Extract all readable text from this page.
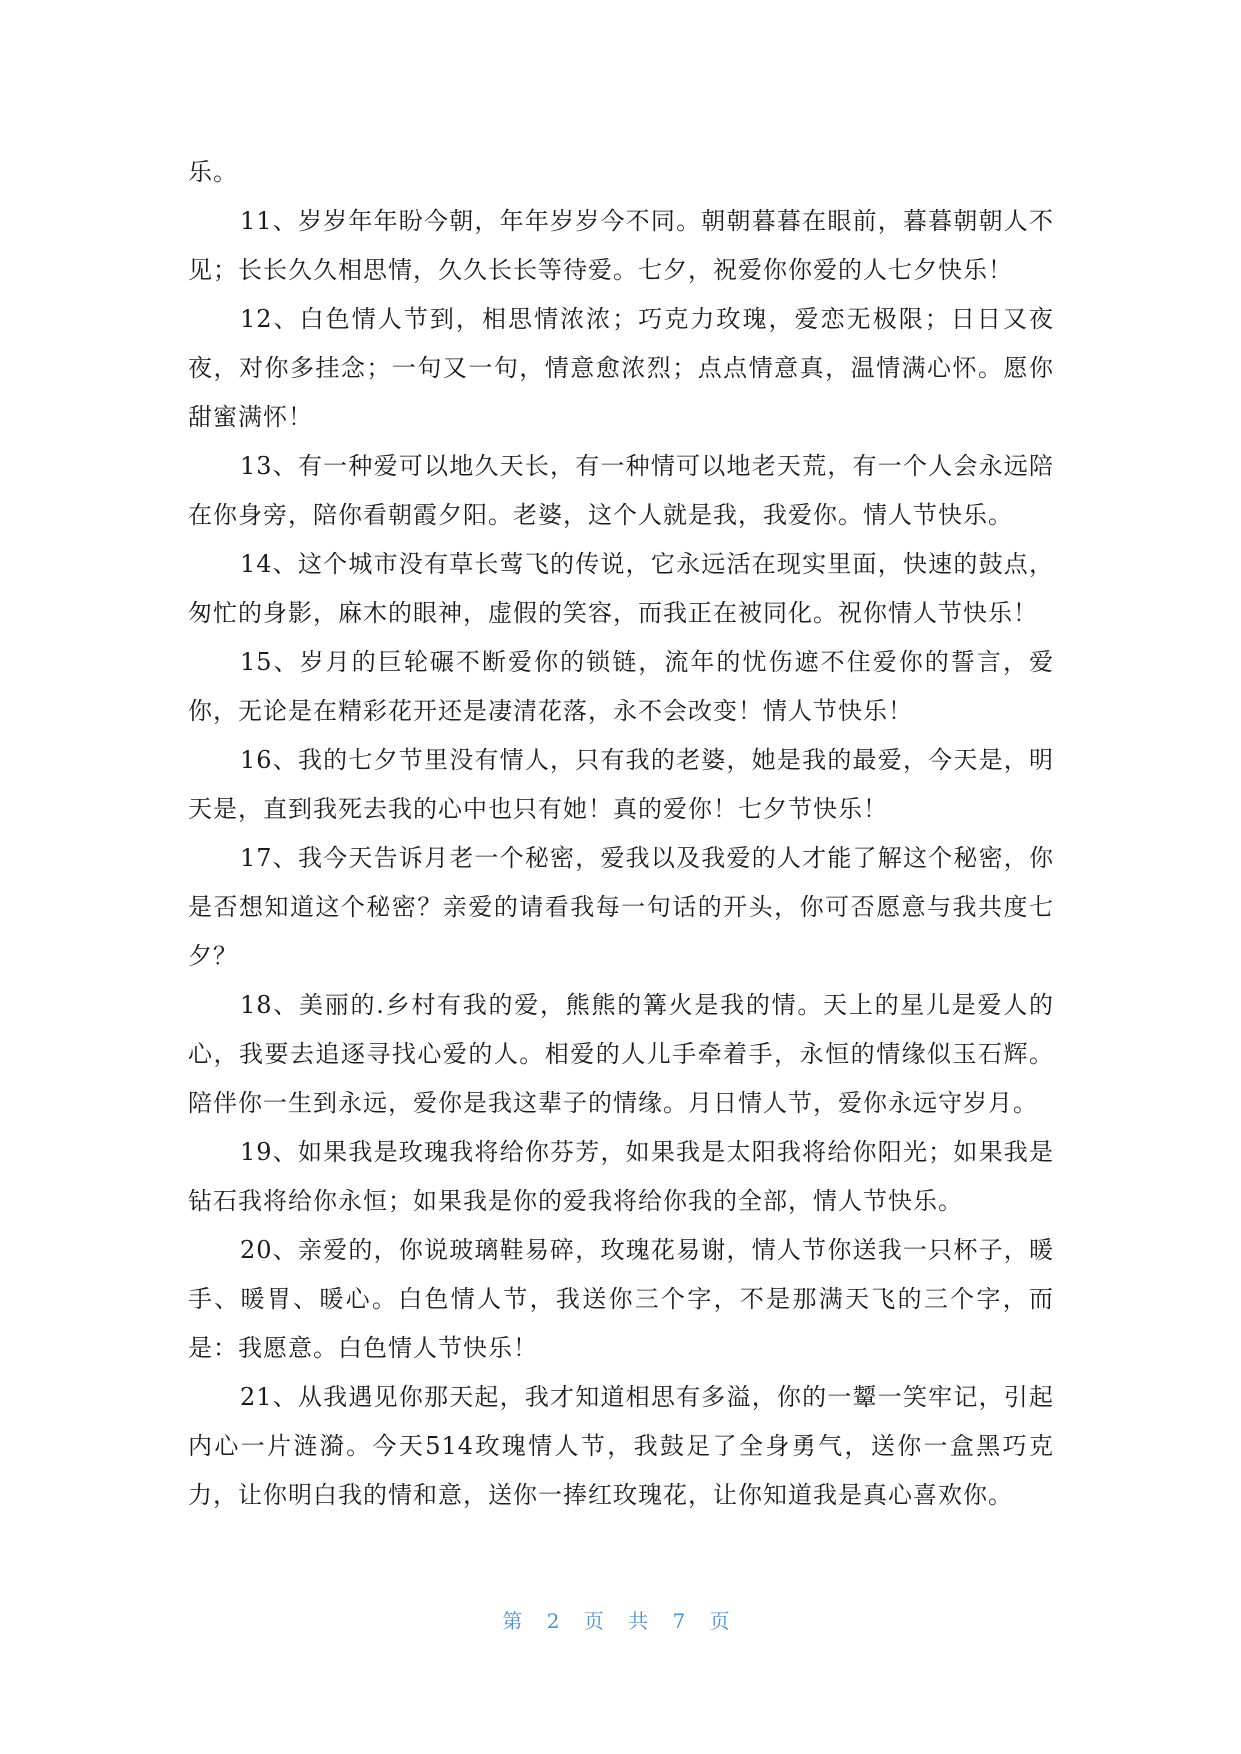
乐。

11、岁岁年年盼今朝，年年岁岁今不同。朝朝暮暮在眼前，暮暮朝朝人不见；长长久久相思情，久久长长等待爱。七夕，祝爱你你爱的人七夕快乐！

12、白色情人节到，相思情浓浓；巧克力玫瑰，爱恋无极限；日日又夜夜，对你多挂念；一句又一句，情意愈浓烈；点点情意真，温情满心怀。愿你甜蜜满怀！

13、有一种爱可以地久天长，有一种情可以地老天荒，有一个人会永远陪在你身旁，陪你看朝霞夕阳。老婆，这个人就是我，我爱你。情人节快乐。

14、这个城市没有草长莺飞的传说，它永远活在现实里面，快速的鼓点，匆忙的身影，麻木的眼神，虚假的笑容，而我正在被同化。祝你情人节快乐！

15、岁月的巨轮碾不断爱你的锁链，流年的忧伤遮不住爱你的誓言，爱你，无论是在精彩花开还是凄清花落，永不会改变！情人节快乐！

16、我的七夕节里没有情人，只有我的老婆，她是我的最爱，今天是，明天是，直到我死去我的心中也只有她！真的爱你！七夕节快乐！

17、我今天告诉月老一个秘密，爱我以及我爱的人才能了解这个秘密，你是否想知道这个秘密？亲爱的请看我每一句话的开头，你可否愿意与我共度七夕？

18、美丽的.乡村有我的爱，熊熊的篝火是我的情。天上的星儿是爱人的心，我要去追逐寻找心爱的人。相爱的人儿手牵着手，永恒的情缘似玉石辉。陪伴你一生到永远，爱你是我这辈子的情缘。月日情人节，爱你永远守岁月。

19、如果我是玫瑰我将给你芬芳，如果我是太阳我将给你阳光；如果我是钻石我将给你永恒；如果我是你的爱我将给你我的全部，情人节快乐。

20、亲爱的，你说玻璃鞋易碎，玫瑰花易谢，情人节你送我一只杯子，暖手、暖胃、暖心。白色情人节，我送你三个字，不是那满天飞的三个字，而是：我愿意。白色情人节快乐！

21、从我遇见你那天起，我才知道相思有多溢，你的一颦一笑牢记，引起内心一片涟漪。今天514玫瑰情人节，我鼓足了全身勇气，送你一盒黑巧克力，让你明白我的情和意，送你一捧红玫瑰花，让你知道我是真心喜欢你。

第 2 页 共 7 页
